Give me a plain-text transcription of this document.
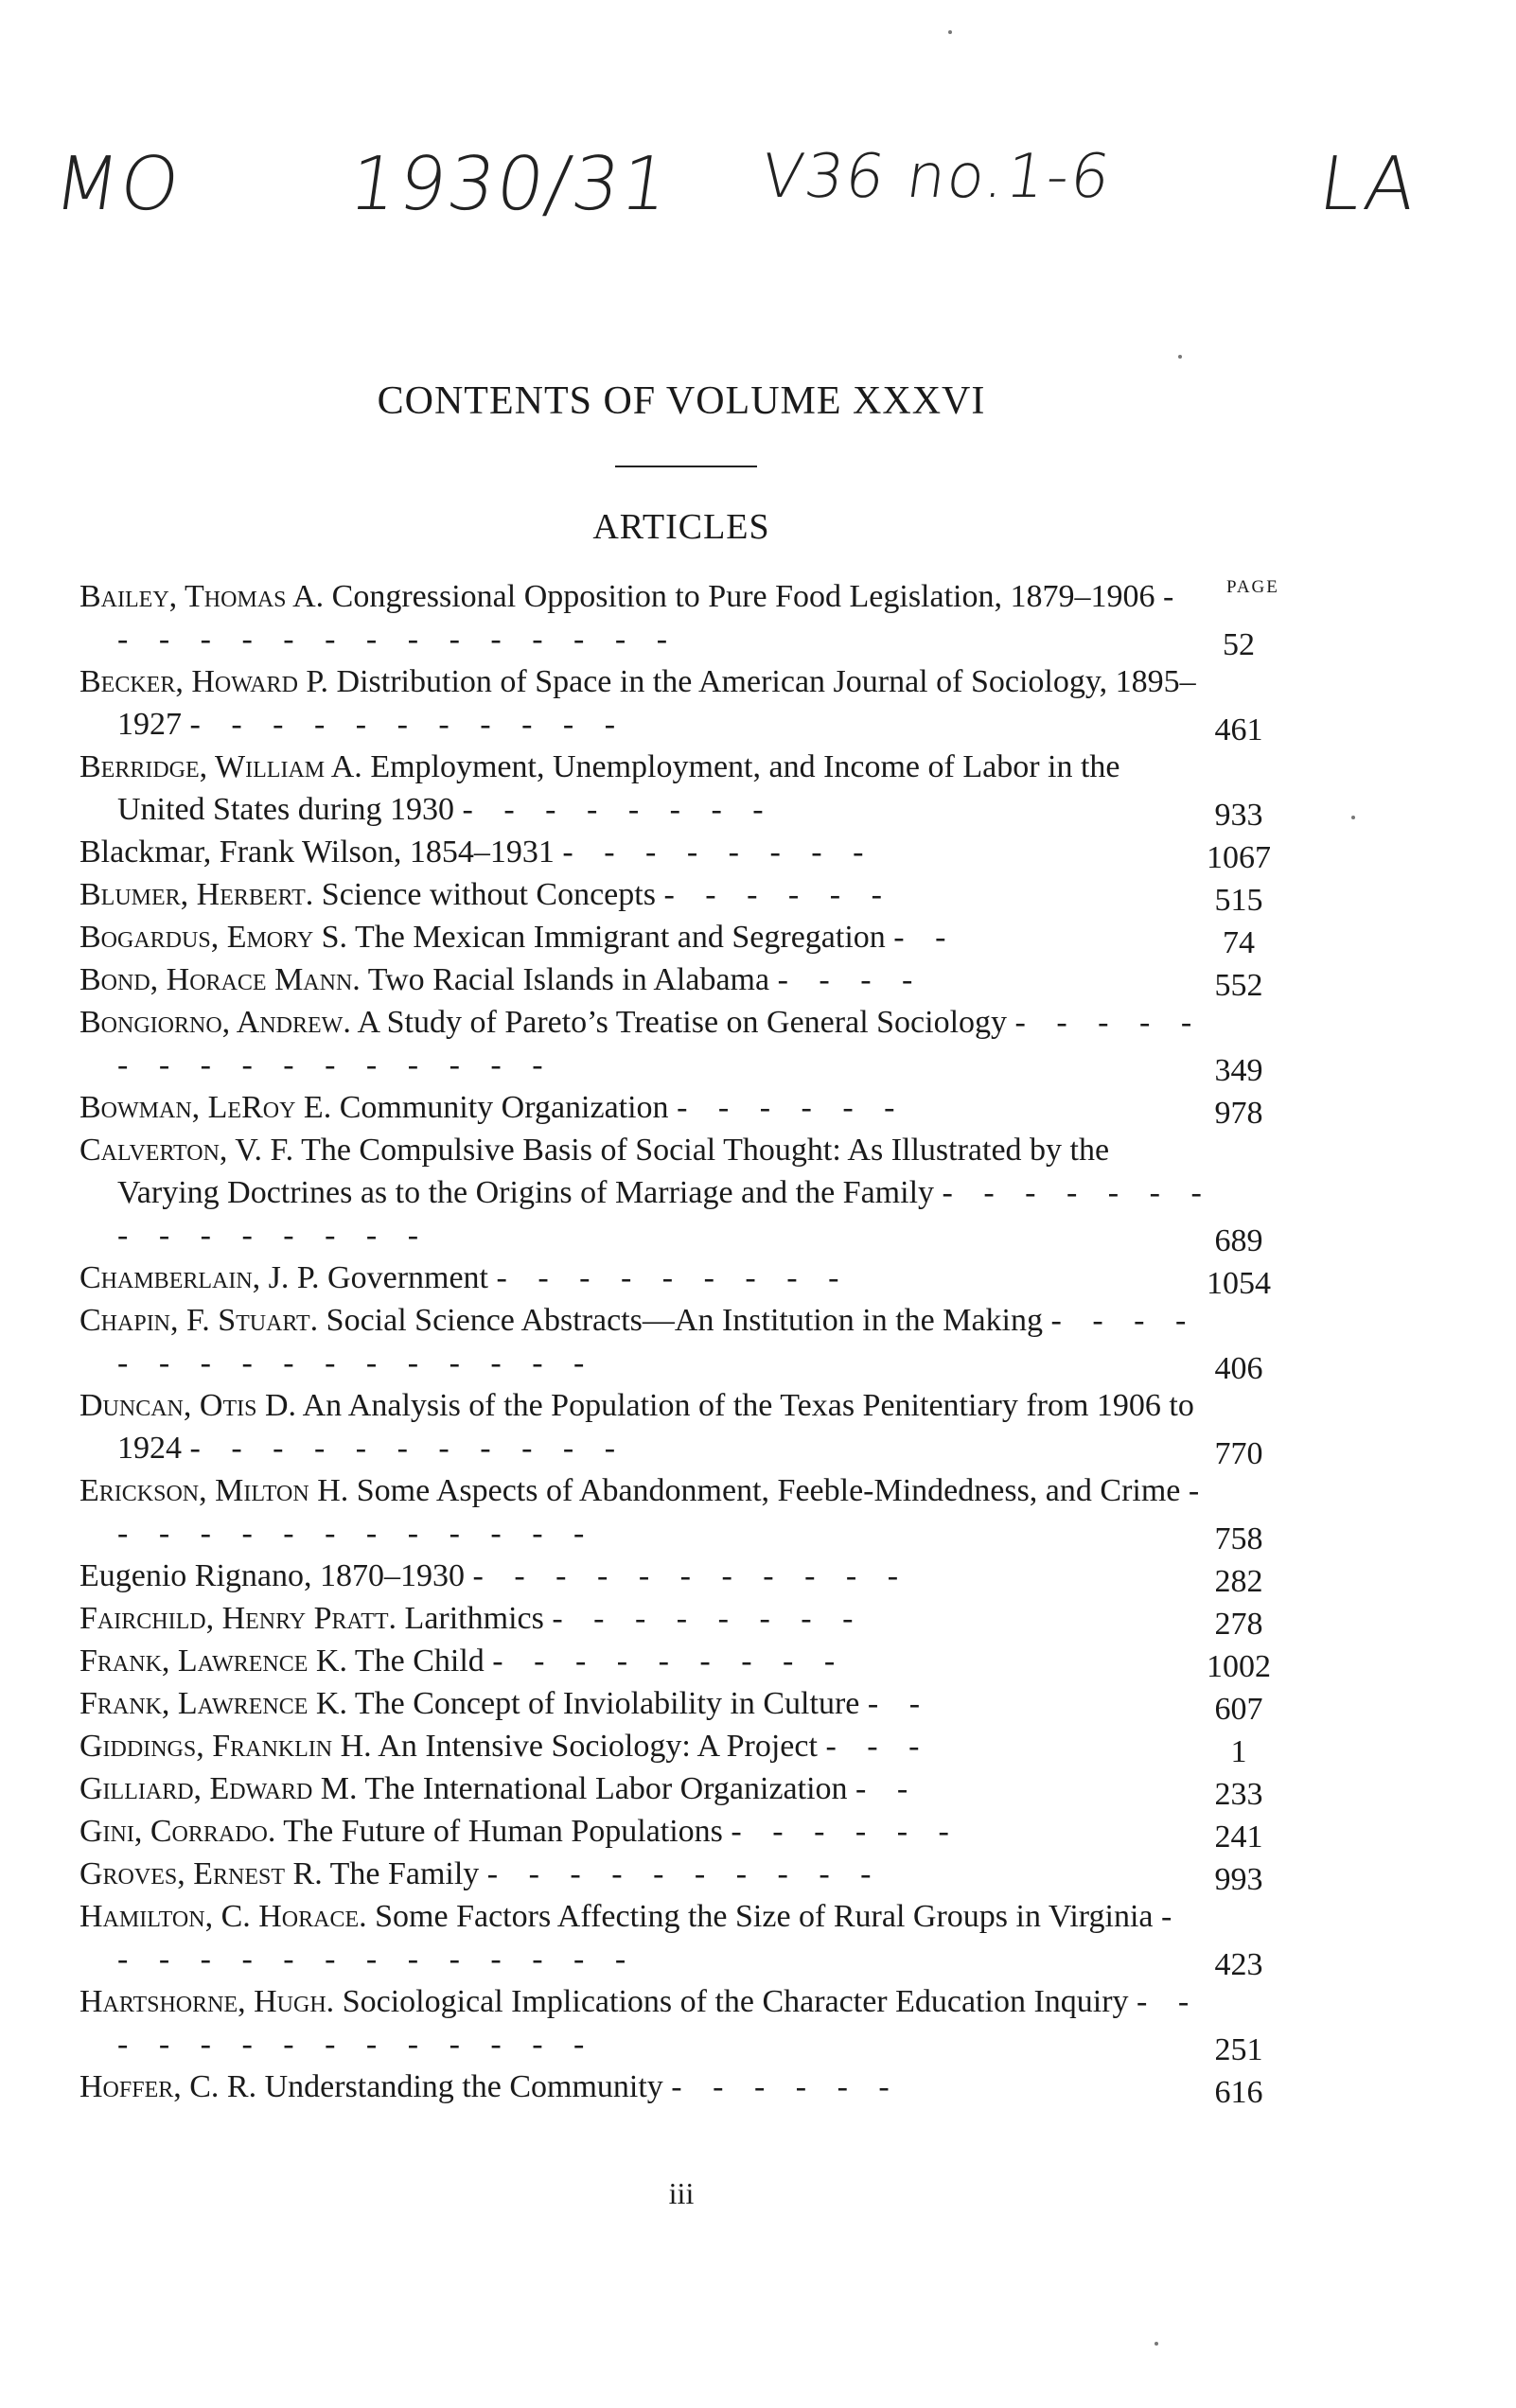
MO 1930/31 V36 no.1-6	LA
CONTENTS OF VOLUME XXXVI
ARTICLES
PAGE
Bailey, Thomas A. Congressional Opposition to Pure Food Legislation, 1879–1906 - - - - - - - - - - - - - - -	52
Becker, Howard P. Distribution of Space in the American Journal of Sociology, 1895–1927 - - - - - - - - - - -	461
Berridge, William A. Employment, Unemployment, and Income of Labor in the United States during 1930 - - - - - - - -	933
Blackmar, Frank Wilson, 1854–1931 - - - - - - - -	1067
Blumer, Herbert. Science without Concepts - - - - - -	515
Bogardus, Emory S. The Mexican Immigrant and Segregation - -	74
Bond, Horace Mann. Two Racial Islands in Alabama - - - -	552
Bongiorno, Andrew. A Study of Pareto’s Treatise on General Sociology - - - - - - - - - - - - - - - -	349
Bowman, LeRoy E. Community Organization - - - - - -	978
Calverton, V. F. The Compulsive Basis of Social Thought: As Illustrated by the Varying Doctrines as to the Origins of Marriage and the Family - - - - - - - - - - - - - - -	689
Chamberlain, J. P. Government - - - - - - - - -	1054
Chapin, F. Stuart. Social Science Abstracts—An Institution in the Making - - - - - - - - - - - - - - - -	406
Duncan, Otis D. An Analysis of the Population of the Texas Penitentiary from 1906 to 1924 - - - - - - - - - - -	770
Erickson, Milton H. Some Aspects of Abandonment, Feeble-Mindedness, and Crime - - - - - - - - - - - - -	758
Eugenio Rignano, 1870–1930 - - - - - - - - - - -	282
Fairchild, Henry Pratt. Larithmics - - - - - - - -	278
Frank, Lawrence K. The Child - - - - - - - - -	1002
Frank, Lawrence K. The Concept of Inviolability in Culture - -	607
Giddings, Franklin H. An Intensive Sociology: A Project - - -	1
Gilliard, Edward M. The International Labor Organization - -	233
Gini, Corrado. The Future of Human Populations - - - - - -	241
Groves, Ernest R. The Family - - - - - - - - - -	993
Hamilton, C. Horace. Some Factors Affecting the Size of Rural Groups in Virginia - - - - - - - - - - - - - -	423
Hartshorne, Hugh. Sociological Implications of the Character Education Inquiry - - - - - - - - - - - - - -	251
Hoffer, C. R. Understanding the Community - - - - - -	616
iii
